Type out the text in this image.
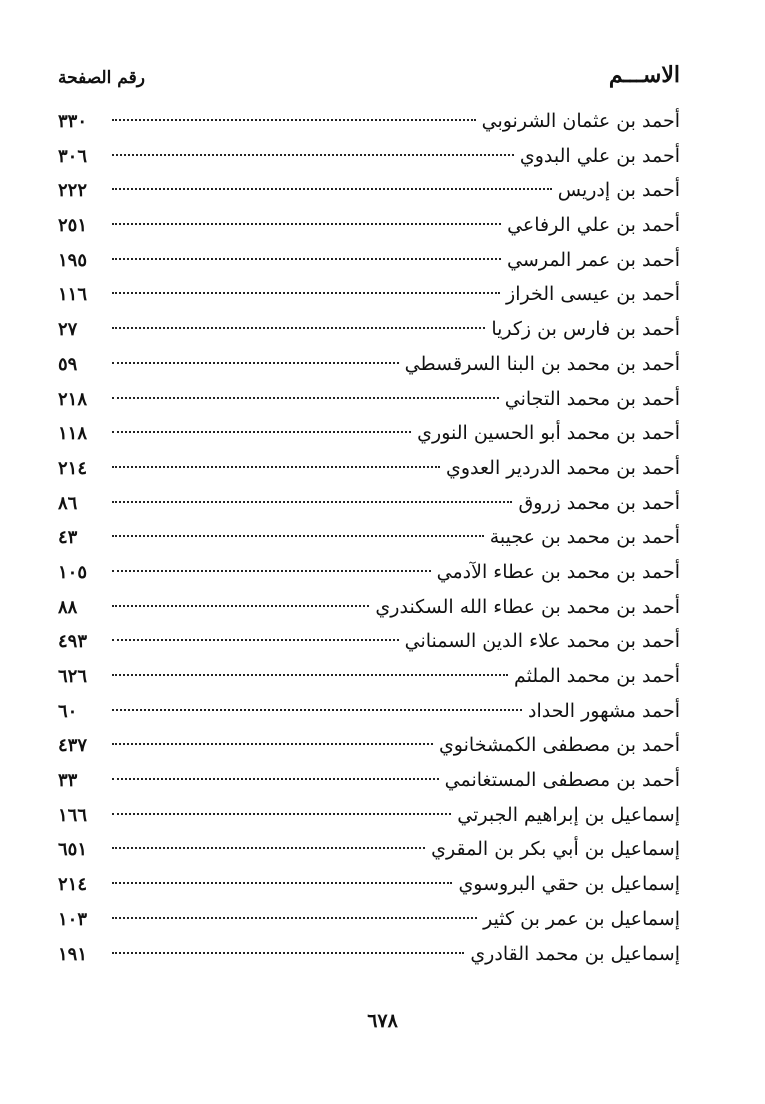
الاســـم
رقم الصفحة
أحمد بن عثمان الشرنوبي
٣٣٠
أحمد بن علي البدوي
٣٠٦
أحمد بن إدريس
٢٢٢
أحمد بن علي الرفاعي
٢٥١
أحمد بن عمر المرسي
١٩٥
أحمد بن عيسى الخراز
١١٦
أحمد بن فارس بن زكريا
٢٧
أحمد بن محمد بن البنا السرقسطي
٥٩
أحمد بن محمد التجاني
٢١٨
أحمد بن محمد أبو الحسين النوري
١١٨
أحمد بن محمد الدردير العدوي
٢١٤
أحمد بن محمد زروق
٨٦
أحمد بن محمد بن عجيبة
٤٣
أحمد بن محمد بن عطاء الآدمي
١٠٥
أحمد بن محمد بن عطاء الله السكندري
٨٨
أحمد بن محمد علاء الدين السمناني
٤٩٣
أحمد بن محمد الملثم
٦٢٦
أحمد مشهور الحداد
٦٠
أحمد بن مصطفى الكمشخانوي
٤٣٧
أحمد بن مصطفى المستغانمي
٣٣
إسماعيل بن إبراهيم الجبرتي
١٦٦
إسماعيل بن أبي بكر بن المقري
٦٥١
إسماعيل بن حقي البروسوي
٢١٤
إسماعيل بن عمر بن كثير
١٠٣
إسماعيل بن محمد القادري
١٩١
٦٧٨
